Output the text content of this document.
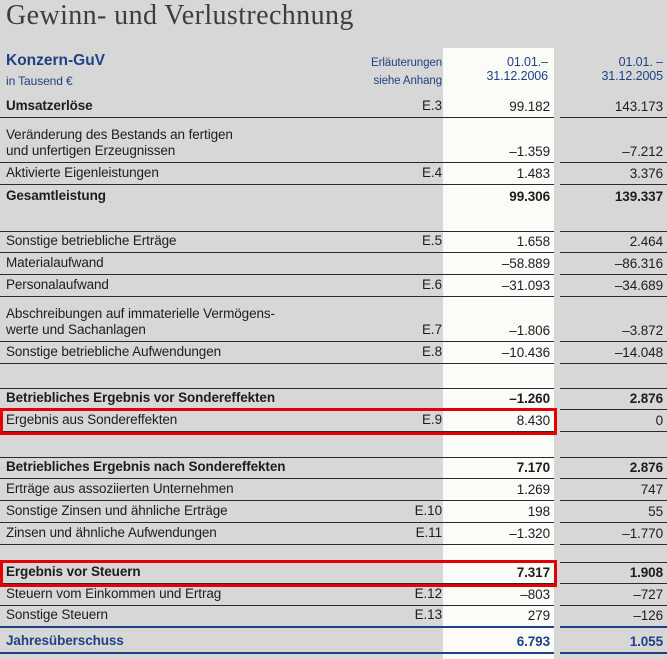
Gewinn- und Verlustrechnung
Konzern-GuV
in Tausend €
Erläuterungen
siehe Anhang
01.01.– 31.12.2006
01.01. – 31.12.2005
Umsatzerlöse	E.3	99.182	143.173
Veränderung des Bestands an fertigen
und unfertigen Erzeugnissen	–1.359	–7.212
Aktivierte Eigenleistungen	E.4	1.483	3.376
Gesamtleistung	99.306	139.337
Sonstige betriebliche Erträge	E.5	1.658	2.464
Materialaufwand	–58.889	–86.316
Personalaufwand	E.6	–31.093	–34.689
Abschreibungen auf immaterielle Vermögens-
werte und Sachanlagen	E.7	–1.806	–3.872
Sonstige betriebliche Aufwendungen	E.8	–10.436	–14.048
Betriebliches Ergebnis vor Sondereffekten	–1.260	2.876
Ergebnis aus Sondereffekten	E.9	8.430	0
Betriebliches Ergebnis nach Sondereffekten	7.170	2.876
Erträge aus assoziierten Unternehmen	1.269	747
Sonstige Zinsen und ähnliche Erträge	E.10	198	55
Zinsen und ähnliche Aufwendungen	E.11	–1.320	–1.770
Ergebnis vor Steuern	7.317	1.908
Steuern vom Einkommen und Ertrag	E.12	–803	–727
Sonstige Steuern	E.13	279	–126
Jahresüberschuss	6.793	1.055
